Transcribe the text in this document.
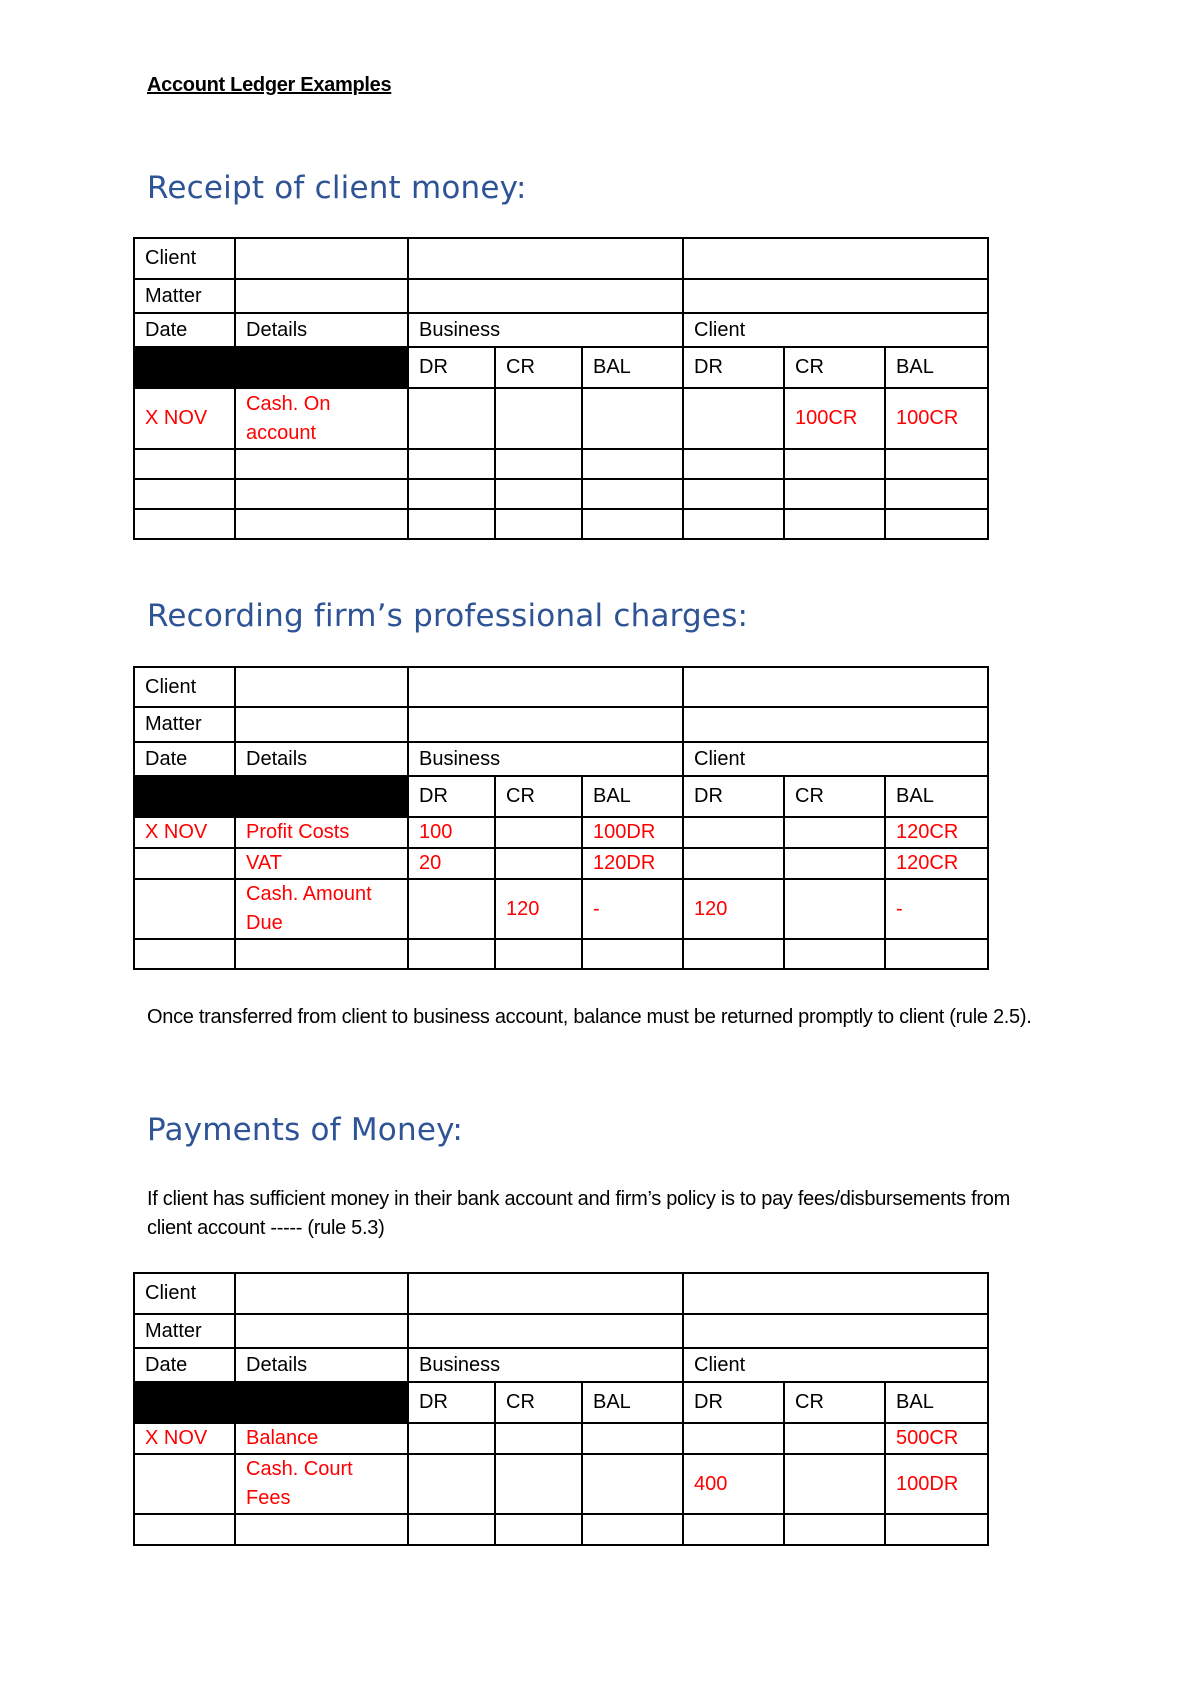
Account Ledger Examples
Receipt of client money:
Client							
Matter							
Date	Details	Business			Client		
		DR	CR	BAL	DR	CR	BAL
X NOV	Cash. On account					100CR	100CR

Recording firm’s professional charges:
Client							
Matter							
Date	Details	Business			Client		
		DR	CR	BAL	DR	CR	BAL
X NOV	Profit Costs	100		100DR			120CR
	VAT	20		120DR			120CR
	Cash. Amount Due		120	-	120		-

Once transferred from client to business account, balance must be returned promptly to client (rule 2.5).
Payments of Money:
If client has sufficient money in their bank account and firm’s policy is to pay fees/disbursements from client account ----- (rule 5.3)
Client							
Matter							
Date	Details	Business			Client		
		DR	CR	BAL	DR	CR	BAL
X NOV	Balance						500CR
	Cash. Court Fees				400		100DR
